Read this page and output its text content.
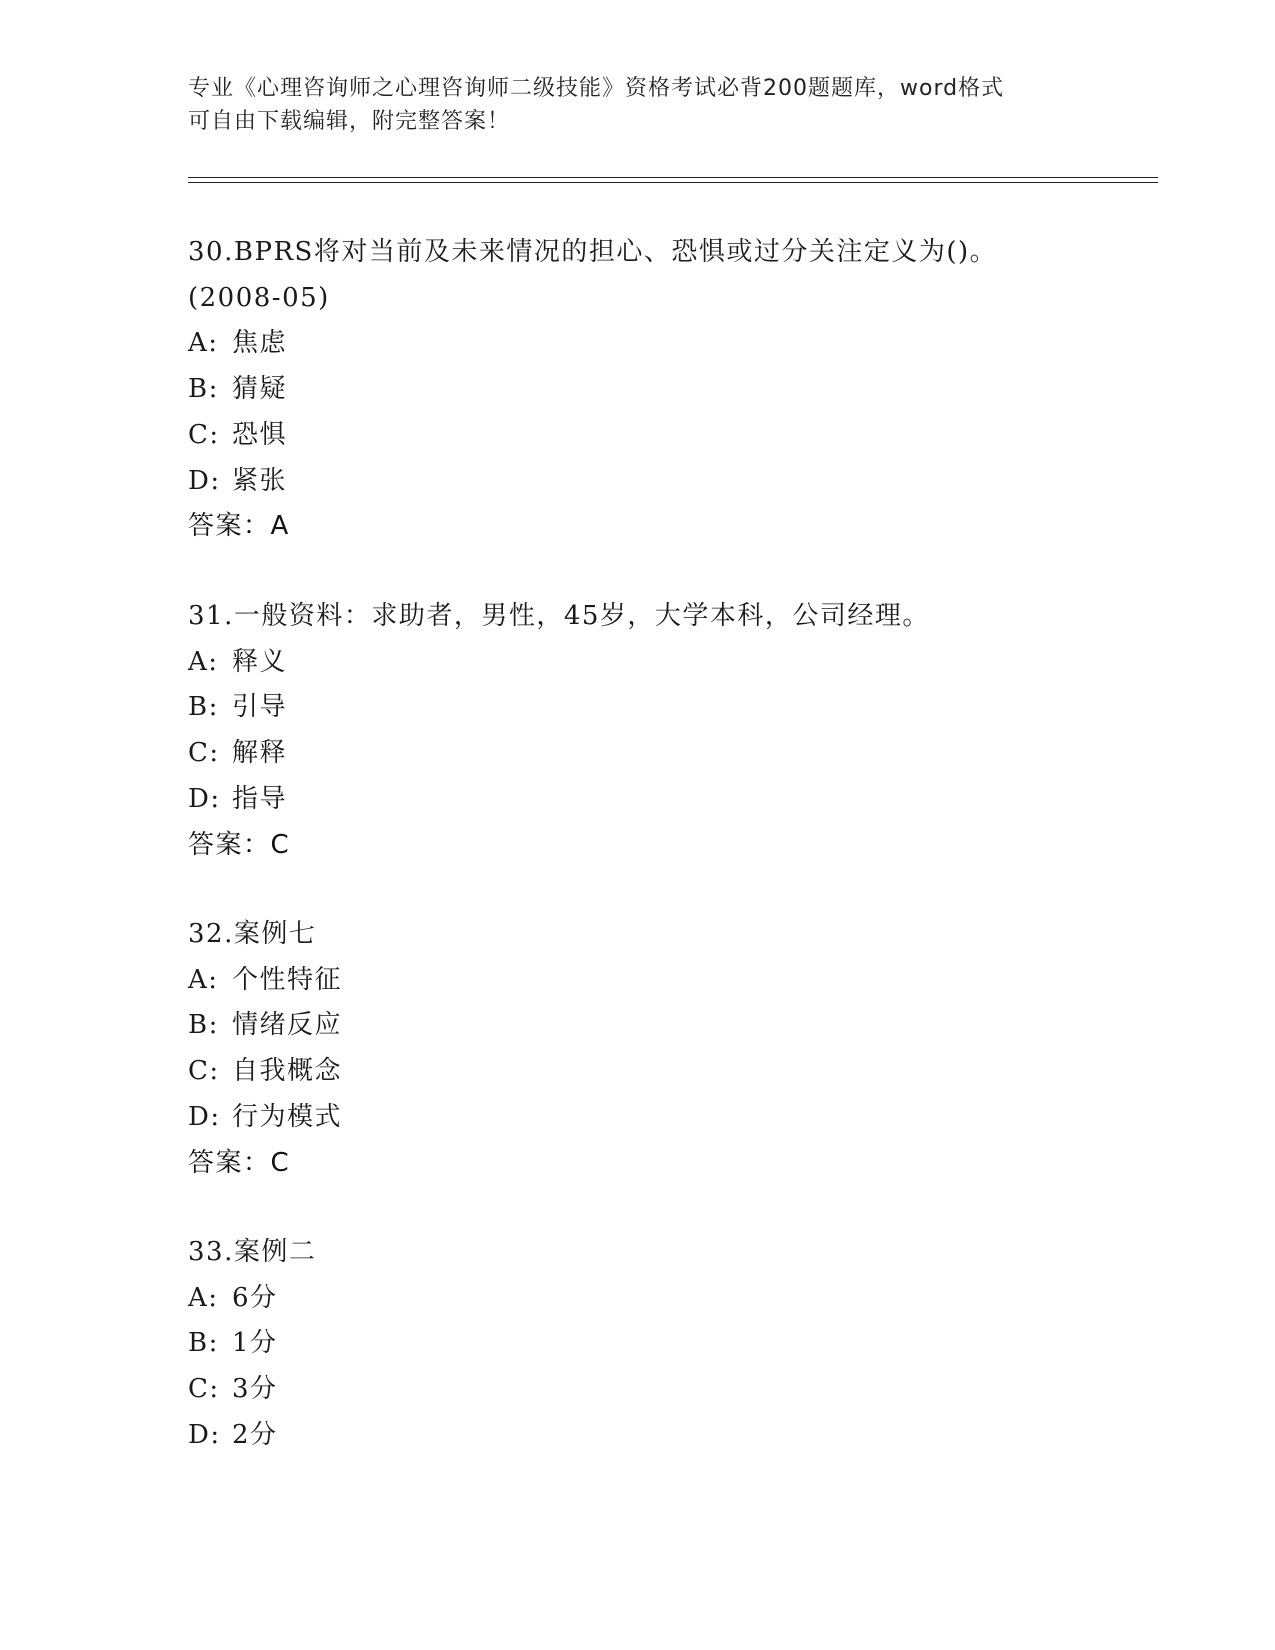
专业《心理咨询师之心理咨询师二级技能》资格考试必背200题题库，word格式
可自由下载编辑，附完整答案！
30.BPRS将对当前及未来情况的担心、恐惧或过分关注定义为()。
(2008-05)
A: 焦虑
B: 猜疑
C: 恐惧
D: 紧张
答案：A
31.一般资料：求助者，男性，45岁，大学本科，公司经理。
A: 释义
B: 引导
C: 解释
D: 指导
答案：C
32.案例七
A: 个性特征
B: 情绪反应
C: 自我概念
D: 行为模式
答案：C
33.案例二
A: 6分
B: 1分
C: 3分
D: 2分
